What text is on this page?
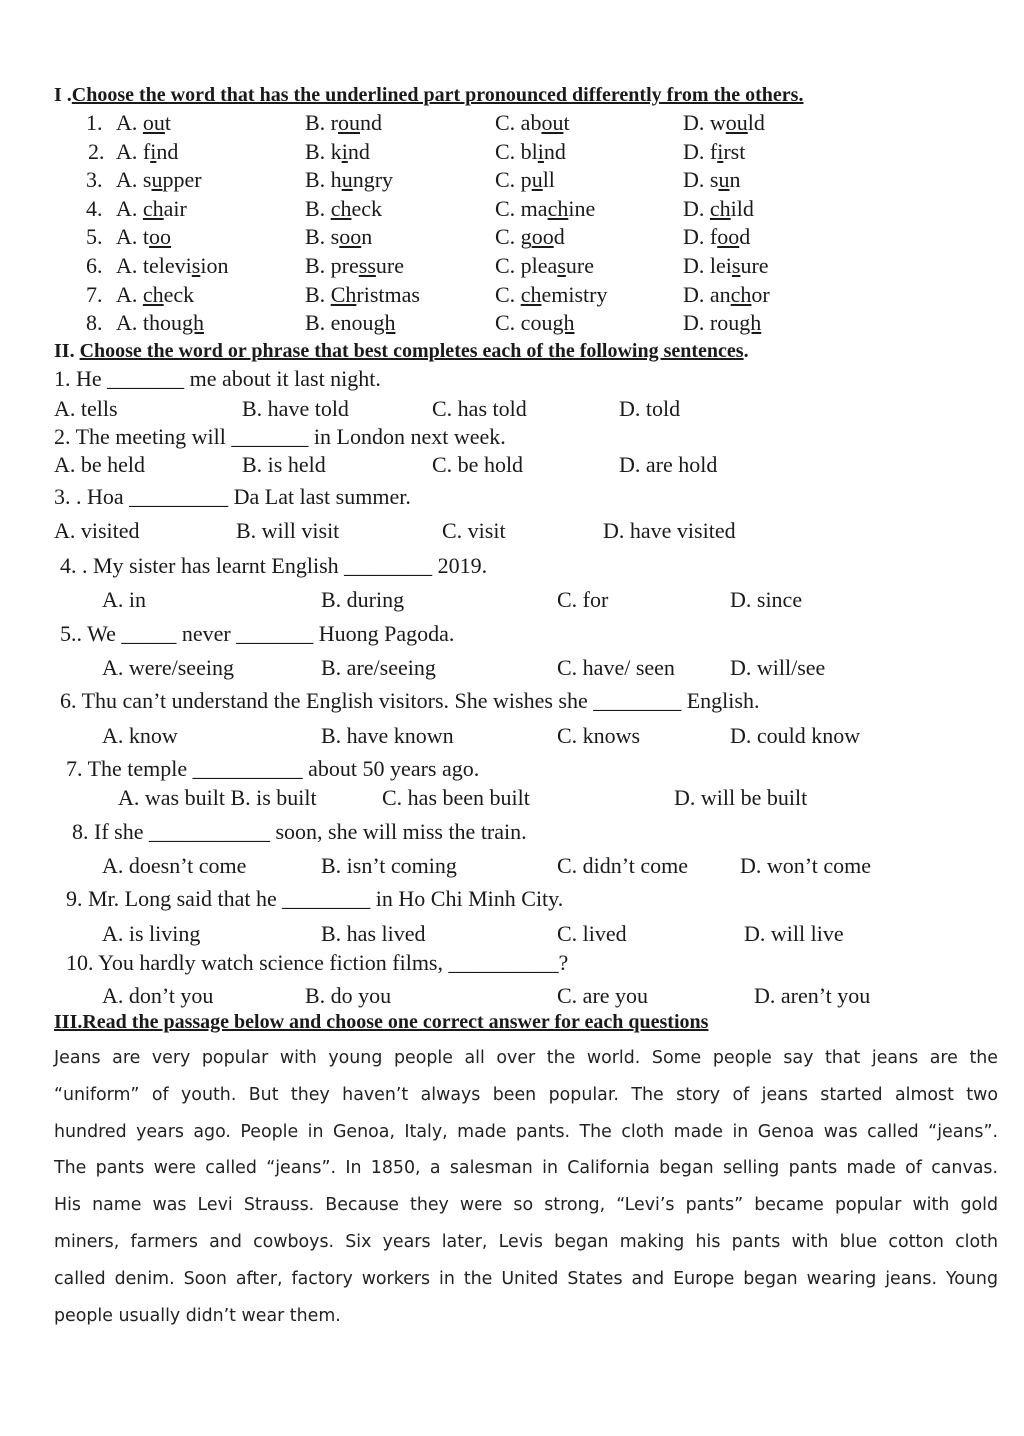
I .Choose the word that has the underlined part pronounced differently from the others.
1. A. out	B. round	C. about	D. would
2. A. find	B. kind	C. blind	D. first
3. A. supper	B. hungry	C. pull	D. sun
4. A. chair	B. check	C. machine	D. child
5. A. too	B. soon	C. good	D. food
6. A. television	B. pressure	C. pleasure	D. leisure
7. A. check	B. Christmas	C. chemistry	D. anchor
8. A. though	B. enough	C. cough	D. rough
II. Choose the word or phrase that best completes each of the following sentences.
1. He _______ me about it last night.
A. tells	B. have told	C. has told	D. told
2. The meeting will _______ in London next week.
A. be held	B. is held	C. be hold	D. are hold
3. . Hoa _________ Da Lat last summer.
A. visited	B. will visit	C. visit	D. have visited
4. . My sister has learnt English ________ 2019.
A. in	B. during	C. for	D. since
5.. We _____ never _______ Huong Pagoda.
A. were/seeing	B. are/seeing	C. have/ seen	D. will/see
6. Thu can’t understand the English visitors. She wishes she ________ English.
A. know	B. have known	C. knows	D. could know
7. The temple __________ about 50 years ago.
A. was built B. is built	C. has been built	D. will be built
8. If she ___________ soon, she will miss the train.
A. doesn’t come	B. isn’t coming	C. didn’t come D. won’t come
9. Mr. Long said that he ________ in Ho Chi Minh City.
A. is living	B. has lived	C. lived	D. will live
10. You hardly watch science fiction films, __________?
A. don’t you	B. do you	C. are you	D. aren’t you
III.Read the passage below and choose one correct answer for each questions
Jeans are very popular with young people all over the world. Some people say that jeans are the
“uniform” of youth. But they haven’t always been popular. The story of jeans started almost two
hundred years ago. People in Genoa, Italy, made pants. The cloth made in Genoa was called “jeans”.
The pants were called “jeans”. In 1850, a salesman in California began selling pants made of canvas.
His name was Levi Strauss. Because they were so strong, “Levi’s pants” became popular with gold
miners, farmers and cowboys. Six years later, Levis began making his pants with blue cotton cloth
called denim. Soon after, factory workers in the United States and Europe began wearing jeans. Young
people usually didn’t wear them.
